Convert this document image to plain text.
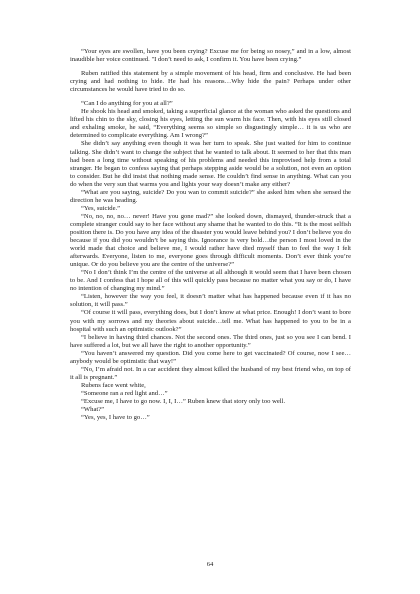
“Your eyes are swollen, have you been crying? Excuse me for being so nosey,” and in a low, almost inaudible her voice continued. "I don’t need to ask, I confirm it. You have been crying.”

Ruben ratified this statement by a simple movement of his head, firm and conclusive. He had been crying and had nothing to hide. He had his reasons…Why hide the pain? Perhaps under other circumstances he would have tried to do so.

“Can I do anything for you at all?”

He shook his head and smoked, taking a superficial glance at the woman who asked the questions and lifted his chin to the sky, closing his eyes, letting the sun warm his face. Then, with his eyes still closed and exhaling smoke, he said, “Everything seems so simple so disgustingly simple… it is us who are determined to complicate everything. Am I wrong?”

She didn’t say anything even though it was her turn to speak. She just waited for him to continue talking. She didn’t want to change the subject that he wanted to talk about. It seemed to her that this man had been a long time without speaking of his problems and needed this improvised help from a total stranger. He began to confess saying that perhaps stepping aside would be a solution, not even an option to consider. But he did insist that nothing made sense. He couldn’t find sense in anything. What can you do when the very sun that warms you and lights your way doesn’t make any either?

“What are you saying, suicide? Do you wan to commit suicide?” she asked him when she sensed the direction he was heading.

“Yes, suicide.”

“No, no, no, no… never! Have you gone mad?” she looked down, dismayed, thunder-struck that a complete stranger could say to her face without any shame that he wanted to do this. “It is the most selfish position there is. Do you have any idea of the disaster you would leave behind you? I don’t believe you do because if you did you wouldn’t be saying this. Ignorance is very bold…the person I most loved in the world made that choice and believe me, I would rather have died myself than to feel the way I felt afterwards. Everyone, listen to me, everyone goes through difficult moments. Don’t ever think you’re unique. Or do you believe you are the centre of the universe?”

“No I don’t think I’m the centre of the universe at all although it would seem that I have been chosen to be. And I confess that I hope all of this will quickly pass because no matter what you say or do, I have no intention of changing my mind.”

“Listen, however the way you feel, it doesn’t matter what has happened because even if it has no solution, it will pass.”

“Of course it will pass, everything does, but I don’t know at what price. Enough! I don’t want to bore you with my sorrows and my theories about suicide…tell me. What has happened to you to be in a hospital with such an optimistic outlook?”

“I believe in having third chances. Not the second ones. The third ones, just so you see I can bend. I have suffered a lot, but we all have the right to another opportunity.”

“You haven’t answered my question. Did you come here to get vaccinated? Of course, now I see…anybody would be optimistic that way!”

“No, I’m afraid not. In a car accident they almost killed the husband of my best friend who, on top of it all is pregnant.”

Rubens face went white,

“Someone ran a red light and…”

“Excuse me, I have to go now. I, I, I…” Ruben knew that story only too well.

“What?”

“Yes, yes, I have to go…”

64
